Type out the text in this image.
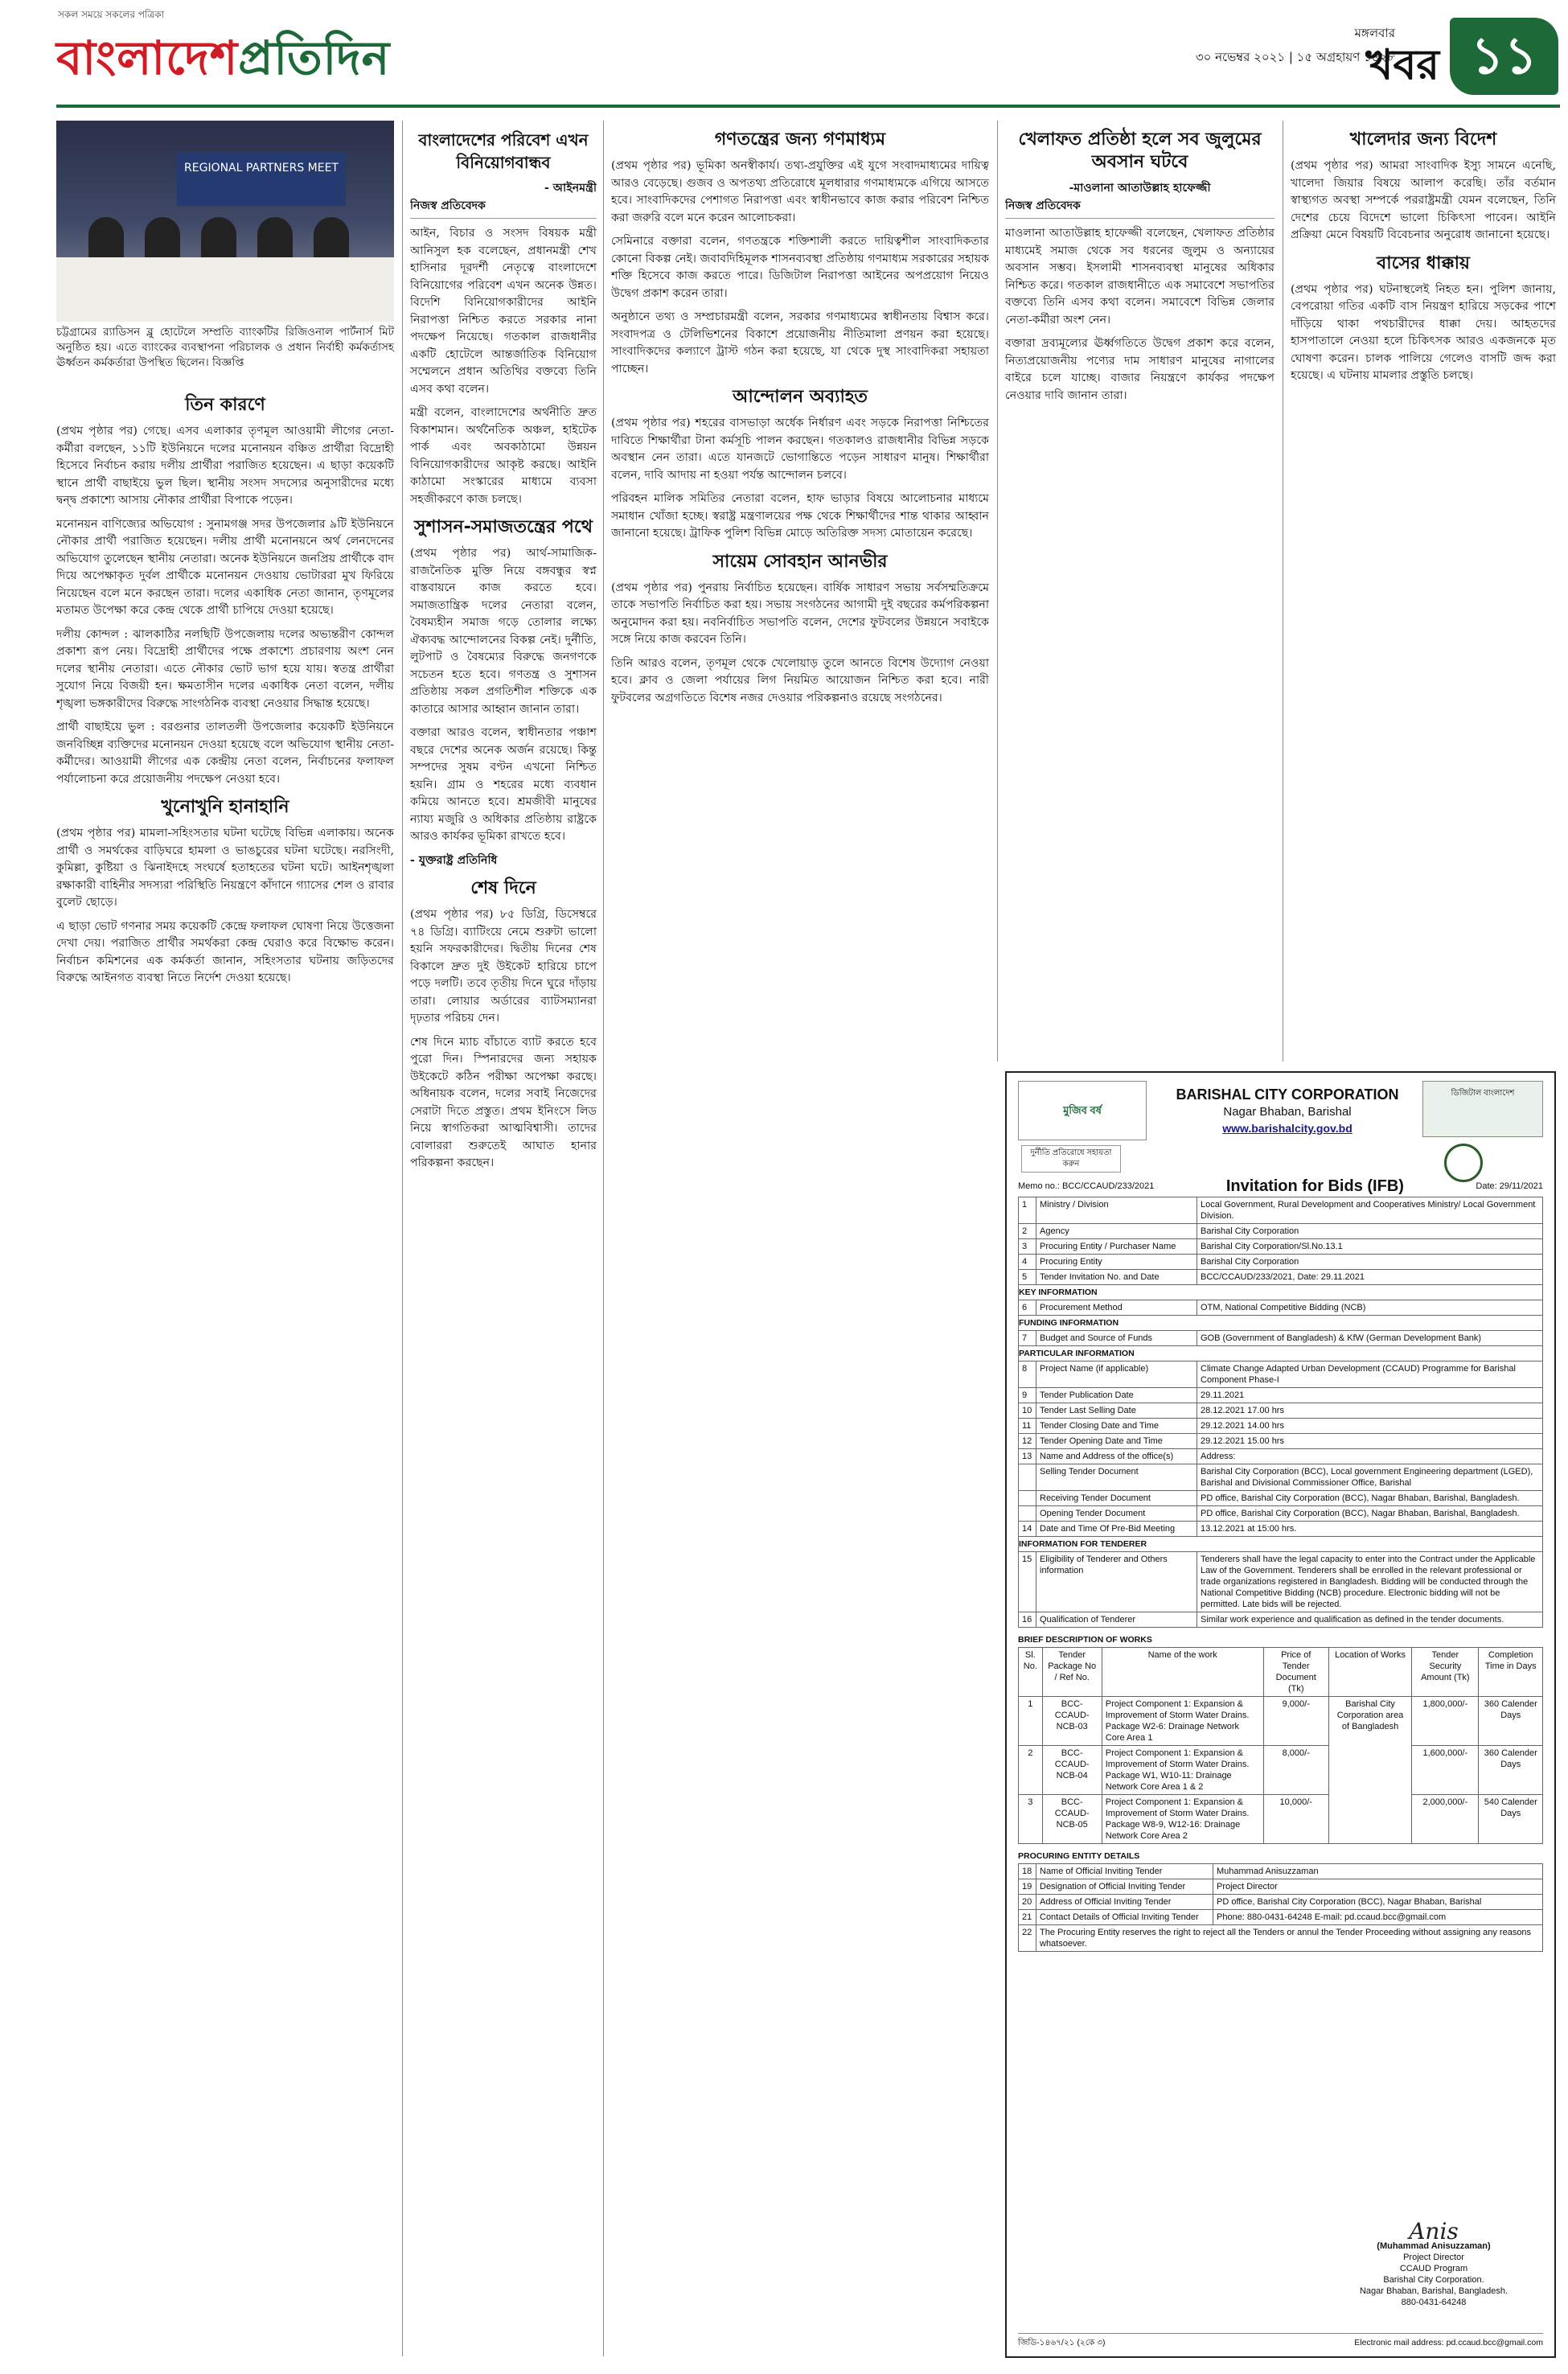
সকল সময়ে সকলের পত্রিকা
বাংলাদেশপ্রতিদিন	মঙ্গলবার
৩০ নভেম্বর ২০২১ | ১৫ অগ্রহায়ণ ১৪২৮
খবর ১১
REGIONAL PARTNERS MEET
চট্টগ্রামের র‍্যাডিসন ব্লু হোটেলে সম্প্রতি ব্যাংকটির রিজিওনাল পার্টনার্স মিট অনুষ্ঠিত হয়। এতে ব্যাংকের ব্যবস্থাপনা পরিচালক ও প্রধান নির্বাহী কর্মকর্তাসহ ঊর্ধ্বতন কর্মকর্তারা উপস্থিত ছিলেন। বিজ্ঞপ্তি
তিন কারণে

(প্রথম পৃষ্ঠার পর) গেছে। এসব এলাকার তৃণমূল আওয়ামী লীগের নেতা-কর্মীরা বলছেন, ১১টি ইউনিয়নে দলের মনোনয়ন বঞ্চিত প্রার্থীরা বিদ্রোহী হিসেবে নির্বাচন করায় দলীয় প্রার্থীরা পরাজিত হয়েছেন। এ ছাড়া কয়েকটি স্থানে প্রার্থী বাছাইয়ে ভুল ছিল। স্থানীয় সংসদ সদস্যের অনুসারীদের মধ্যে দ্বন্দ্ব প্রকাশ্যে আসায় নৌকার প্রার্থীরা বিপাকে পড়েন।

মনোনয়ন বাণিজ্যের অভিযোগ : সুনামগঞ্জ সদর উপজেলার ৯টি ইউনিয়নে নৌকার প্রার্থী পরাজিত হয়েছেন। দলীয় প্রার্থী মনোনয়নে অর্থ লেনদেনের অভিযোগ তুলেছেন স্থানীয় নেতারা। অনেক ইউনিয়নে জনপ্রিয় প্রার্থীকে বাদ দিয়ে অপেক্ষাকৃত দুর্বল প্রার্থীকে মনোনয়ন দেওয়ায় ভোটাররা মুখ ফিরিয়ে নিয়েছেন বলে মনে করছেন তারা। দলের একাধিক নেতা জানান, তৃণমূলের মতামত উপেক্ষা করে কেন্দ্র থেকে প্রার্থী চাপিয়ে দেওয়া হয়েছে।

দলীয় কোন্দল : ঝালকাঠির নলছিটি উপজেলায় দলের অভ্যন্তরীণ কোন্দল প্রকাশ্য রূপ নেয়। বিদ্রোহী প্রার্থীদের পক্ষে প্রকাশ্যে প্রচারণায় অংশ নেন দলের স্থানীয় নেতারা। এতে নৌকার ভোট ভাগ হয়ে যায়। স্বতন্ত্র প্রার্থীরা সুযোগ নিয়ে বিজয়ী হন। ক্ষমতাসীন দলের একাধিক নেতা বলেন, দলীয় শৃঙ্খলা ভঙ্গকারীদের বিরুদ্ধে সাংগঠনিক ব্যবস্থা নেওয়ার সিদ্ধান্ত হয়েছে।

প্রার্থী বাছাইয়ে ভুল : বরগুনার তালতলী উপজেলার কয়েকটি ইউনিয়নে জনবিচ্ছিন্ন ব্যক্তিদের মনোনয়ন দেওয়া হয়েছে বলে অভিযোগ স্থানীয় নেতা-কর্মীদের। আওয়ামী লীগের এক কেন্দ্রীয় নেতা বলেন, নির্বাচনের ফলাফল পর্যালোচনা করে প্রয়োজনীয় পদক্ষেপ নেওয়া হবে।

খুনোখুনি হানাহানি

(প্রথম পৃষ্ঠার পর) মামলা-সহিংসতার ঘটনা ঘটেছে বিভিন্ন এলাকায়। অনেক প্রার্থী ও সমর্থকের বাড়িঘরে হামলা ও ভাঙচুরের ঘটনা ঘটেছে। নরসিংদী, কুমিল্লা, কুষ্টিয়া ও ঝিনাইদহে সংঘর্ষে হতাহতের ঘটনা ঘটে। আইনশৃঙ্খলা রক্ষাকারী বাহিনীর সদস্যরা পরিস্থিতি নিয়ন্ত্রণে কাঁদানে গ্যাসের শেল ও রাবার বুলেট ছোড়ে।

এ ছাড়া ভোট গণনার সময় কয়েকটি কেন্দ্রে ফলাফল ঘোষণা নিয়ে উত্তেজনা দেখা দেয়। পরাজিত প্রার্থীর সমর্থকরা কেন্দ্র ঘেরাও করে বিক্ষোভ করেন। নির্বাচন কমিশনের এক কর্মকর্তা জানান, সহিংসতার ঘটনায় জড়িতদের বিরুদ্ধে আইনগত ব্যবস্থা নিতে নির্দেশ দেওয়া হয়েছে।

বাংলাদেশের পরিবেশ এখন বিনিয়োগবান্ধব
- আইনমন্ত্রী
নিজস্ব প্রতিবেদক

আইন, বিচার ও সংসদ বিষয়ক মন্ত্রী আনিসুল হক বলেছেন, প্রধানমন্ত্রী শেখ হাসিনার দূরদর্শী নেতৃত্বে বাংলাদেশে বিনিয়োগের পরিবেশ এখন অনেক উন্নত। বিদেশি বিনিয়োগকারীদের আইনি নিরাপত্তা নিশ্চিত করতে সরকার নানা পদক্ষেপ নিয়েছে। গতকাল রাজধানীর একটি হোটেলে আন্তর্জাতিক বিনিয়োগ সম্মেলনে প্রধান অতিথির বক্তব্যে তিনি এসব কথা বলেন।

মন্ত্রী বলেন, বাংলাদেশের অর্থনীতি দ্রুত বিকাশমান। অর্থনৈতিক অঞ্চল, হাইটেক পার্ক এবং অবকাঠামো উন্নয়ন বিনিয়োগকারীদের আকৃষ্ট করছে। আইনি কাঠামো সংস্কারের মাধ্যমে ব্যবসা সহজীকরণে কাজ চলছে।

সুশাসন-সমাজতন্ত্রের পথে

(প্রথম পৃষ্ঠার পর) আর্থ-সামাজিক-রাজনৈতিক মুক্তি নিয়ে বঙ্গবন্ধুর স্বপ্ন বাস্তবায়নে কাজ করতে হবে। সমাজতান্ত্রিক দলের নেতারা বলেন, বৈষম্যহীন সমাজ গড়ে তোলার লক্ষ্যে ঐক্যবদ্ধ আন্দোলনের বিকল্প নেই। দুর্নীতি, লুটপাট ও বৈষম্যের বিরুদ্ধে জনগণকে সচেতন হতে হবে। গণতন্ত্র ও সুশাসন প্রতিষ্ঠায় সকল প্রগতিশীল শক্তিকে এক কাতারে আসার আহ্বান জানান তারা।

বক্তারা আরও বলেন, স্বাধীনতার পঞ্চাশ বছরে দেশের অনেক অর্জন রয়েছে। কিন্তু সম্পদের সুষম বণ্টন এখনো নিশ্চিত হয়নি। গ্রাম ও শহরের মধ্যে ব্যবধান কমিয়ে আনতে হবে। শ্রমজীবী মানুষের ন্যায্য মজুরি ও অধিকার প্রতিষ্ঠায় রাষ্ট্রকে আরও কার্যকর ভূমিকা রাখতে হবে।

- যুক্তরাষ্ট্র প্রতিনিধি
শেষ দিনে

(প্রথম পৃষ্ঠার পর) ৮৫ ডিগ্রি, ডিসেম্বরে ৭৪ ডিগ্রি। ব্যাটিংয়ে নেমে শুরুটা ভালো হয়নি সফরকারীদের। দ্বিতীয় দিনের শেষ বিকালে দ্রুত দুই উইকেট হারিয়ে চাপে পড়ে দলটি। তবে তৃতীয় দিনে ঘুরে দাঁড়ায় তারা। লোয়ার অর্ডারের ব্যাটসম্যানরা দৃঢ়তার পরিচয় দেন।

শেষ দিনে ম্যাচ বাঁচাতে ব্যাট করতে হবে পুরো দিন। স্পিনারদের জন্য সহায়ক উইকেটে কঠিন পরীক্ষা অপেক্ষা করছে। অধিনায়ক বলেন, দলের সবাই নিজেদের সেরাটা দিতে প্রস্তুত। প্রথম ইনিংসে লিড নিয়ে স্বাগতিকরা আত্মবিশ্বাসী। তাদের বোলাররা শুরুতেই আঘাত হানার পরিকল্পনা করছেন।

গণতন্ত্রের জন্য গণমাধ্যম

(প্রথম পৃষ্ঠার পর) ভূমিকা অনস্বীকার্য। তথ্য-প্রযুক্তির এই যুগে সংবাদমাধ্যমের দায়িত্ব আরও বেড়েছে। গুজব ও অপতথ্য প্রতিরোধে মূলধারার গণমাধ্যমকে এগিয়ে আসতে হবে। সাংবাদিকদের পেশাগত নিরাপত্তা এবং স্বাধীনভাবে কাজ করার পরিবেশ নিশ্চিত করা জরুরি বলে মনে করেন আলোচকরা।

সেমিনারে বক্তারা বলেন, গণতন্ত্রকে শক্তিশালী করতে দায়িত্বশীল সাংবাদিকতার কোনো বিকল্প নেই। জবাবদিহিমূলক শাসনব্যবস্থা প্রতিষ্ঠায় গণমাধ্যম সরকারের সহায়ক শক্তি হিসেবে কাজ করতে পারে। ডিজিটাল নিরাপত্তা আইনের অপপ্রয়োগ নিয়েও উদ্বেগ প্রকাশ করেন তারা।

অনুষ্ঠানে তথ্য ও সম্প্রচারমন্ত্রী বলেন, সরকার গণমাধ্যমের স্বাধীনতায় বিশ্বাস করে। সংবাদপত্র ও টেলিভিশনের বিকাশে প্রয়োজনীয় নীতিমালা প্রণয়ন করা হয়েছে। সাংবাদিকদের কল্যাণে ট্রাস্ট গঠন করা হয়েছে, যা থেকে দুস্থ সাংবাদিকরা সহায়তা পাচ্ছেন।

আন্দোলন অব্যাহত

(প্রথম পৃষ্ঠার পর) শহরের বাসভাড়া অর্ধেক নির্ধারণ এবং সড়কে নিরাপত্তা নিশ্চিতের দাবিতে শিক্ষার্থীরা টানা কর্মসূচি পালন করছেন। গতকালও রাজধানীর বিভিন্ন সড়কে অবস্থান নেন তারা। এতে যানজটে ভোগান্তিতে পড়েন সাধারণ মানুষ। শিক্ষার্থীরা বলেন, দাবি আদায় না হওয়া পর্যন্ত আন্দোলন চলবে।

পরিবহন মালিক সমিতির নেতারা বলেন, হাফ ভাড়ার বিষয়ে আলোচনার মাধ্যমে সমাধান খোঁজা হচ্ছে। স্বরাষ্ট্র মন্ত্রণালয়ের পক্ষ থেকে শিক্ষার্থীদের শান্ত থাকার আহ্বান জানানো হয়েছে। ট্রাফিক পুলিশ বিভিন্ন মোড়ে অতিরিক্ত সদস্য মোতায়েন করেছে।

সায়েম সোবহান আনভীর

(প্রথম পৃষ্ঠার পর) পুনরায় নির্বাচিত হয়েছেন। বার্ষিক সাধারণ সভায় সর্বসম্মতিক্রমে তাকে সভাপতি নির্বাচিত করা হয়। সভায় সংগঠনের আগামী দুই বছরের কর্মপরিকল্পনা অনুমোদন করা হয়। নবনির্বাচিত সভাপতি বলেন, দেশের ফুটবলের উন্নয়নে সবাইকে সঙ্গে নিয়ে কাজ করবেন তিনি।

তিনি আরও বলেন, তৃণমূল থেকে খেলোয়াড় তুলে আনতে বিশেষ উদ্যোগ নেওয়া হবে। ক্লাব ও জেলা পর্যায়ের লিগ নিয়মিত আয়োজন নিশ্চিত করা হবে। নারী ফুটবলের অগ্রগতিতে বিশেষ নজর দেওয়ার পরিকল্পনাও রয়েছে সংগঠনের।

খেলাফত প্রতিষ্ঠা হলে সব জুলুমের অবসান ঘটবে
-মাওলানা আতাউল্লাহ হাফেজ্জী
নিজস্ব প্রতিবেদক

মাওলানা আতাউল্লাহ হাফেজ্জী বলেছেন, খেলাফত প্রতিষ্ঠার মাধ্যমেই সমাজ থেকে সব ধরনের জুলুম ও অন্যায়ের অবসান সম্ভব। ইসলামী শাসনব্যবস্থা মানুষের অধিকার নিশ্চিত করে। গতকাল রাজধানীতে এক সমাবেশে সভাপতির বক্তব্যে তিনি এসব কথা বলেন। সমাবেশে বিভিন্ন জেলার নেতা-কর্মীরা অংশ নেন।

বক্তারা দ্রব্যমূল্যের ঊর্ধ্বগতিতে উদ্বেগ প্রকাশ করে বলেন, নিত্যপ্রয়োজনীয় পণ্যের দাম সাধারণ মানুষের নাগালের বাইরে চলে যাচ্ছে। বাজার নিয়ন্ত্রণে কার্যকর পদক্ষেপ নেওয়ার দাবি জানান তারা।

খালেদার জন্য বিদেশ

(প্রথম পৃষ্ঠার পর) আমরা সাংবাদিক ইস্যু সামনে এনেছি, খালেদা জিয়ার বিষয়ে আলাপ করেছি। তাঁর বর্তমান স্বাস্থ্যগত অবস্থা সম্পর্কে পররাষ্ট্রমন্ত্রী যেমন বলেছেন, তিনি দেশের চেয়ে বিদেশে ভালো চিকিৎসা পাবেন। আইনি প্রক্রিয়া মেনে বিষয়টি বিবেচনার অনুরোধ জানানো হয়েছে।

বাসের ধাক্কায়

(প্রথম পৃষ্ঠার পর) ঘটনাস্থলেই নিহত হন। পুলিশ জানায়, বেপরোয়া গতির একটি বাস নিয়ন্ত্রণ হারিয়ে সড়কের পাশে দাঁড়িয়ে থাকা পথচারীদের ধাক্কা দেয়। আহতদের হাসপাতালে নেওয়া হলে চিকিৎসক আরও একজনকে মৃত ঘোষণা করেন। চালক পালিয়ে গেলেও বাসটি জব্দ করা হয়েছে। এ ঘটনায় মামলার প্রস্তুতি চলছে।

মুজিব বর্ষ
BARISHAL CITY CORPORATION
Nagar Bhaban, Barishal
www.barishalcity.gov.bd
ডিজিটাল বাংলাদেশ
দুর্নীতি প্রতিরোধে সহায়তা করুন
Memo no.: BCC/CCAUD/233/2021	Invitation for Bids (IFB)	Date: 29/11/2021
1	Ministry / Division	Local Government, Rural Development and Cooperatives Ministry/ Local Government Division.
2	Agency	Barishal City Corporation
3	Procuring Entity / Purchaser Name	Barishal City Corporation/Sl.No.13.1
4	Procuring Entity	Barishal City Corporation
5	Tender Invitation No. and Date	BCC/CCAUD/233/2021, Date: 29.11.2021
KEY INFORMATION		
6	Procurement Method	OTM, National Competitive Bidding (NCB)
FUNDING INFORMATION		
7	Budget and Source of Funds	GOB (Government of Bangladesh) & KfW (German Development Bank)
PARTICULAR INFORMATION		
8	Project Name (if applicable)	Climate Change Adapted Urban Development (CCAUD) Programme for Barishal Component Phase-I
9	Tender Publication Date	29.11.2021
10	Tender Last Selling Date	28.12.2021 17.00 hrs
11	Tender Closing Date and Time	29.12.2021 14.00 hrs
12	Tender Opening Date and Time	29.12.2021 15.00 hrs
13	Name and Address of the office(s)	Address:
	Selling Tender Document	Barishal City Corporation (BCC), Local government Engineering department (LGED), Barishal and Divisional Commissioner Office, Barishal
	Receiving Tender Document	PD office, Barishal City Corporation (BCC), Nagar Bhaban, Barishal, Bangladesh.
	Opening Tender Document	PD office, Barishal City Corporation (BCC), Nagar Bhaban, Barishal, Bangladesh.
14	Date and Time Of Pre-Bid Meeting	13.12.2021 at 15:00 hrs.
INFORMATION FOR TENDERER		
15	Eligibility of Tenderer and Others information	Tenderers shall have the legal capacity to enter into the Contract under the Applicable Law of the Government. Tenderers shall be enrolled in the relevant professional or trade organizations registered in Bangladesh. Bidding will be conducted through the National Competitive Bidding (NCB) procedure. Electronic bidding will not be permitted. Late bids will be rejected.
16	Qualification of Tenderer	Similar work experience and qualification as defined in the tender documents.
BRIEF DESCRIPTION OF WORKS
Sl. No.	Tender Package No / Ref No.	Name of the work	Price of Tender Document (Tk)	Location of Works	Tender Security Amount (Tk)	Completion Time in Days
1	BCC-CCAUD-NCB-03	Project Component 1: Expansion & Improvement of Storm Water Drains. Package W2-6: Drainage Network Core Area 1	9,000/-	Barishal City Corporation area of Bangladesh	1,800,000/-	360 Calender Days
2	BCC-CCAUD-NCB-04	Project Component 1: Expansion & Improvement of Storm Water Drains. Package W1, W10-11: Drainage Network Core Area 1 & 2	8,000/-		1,600,000/-	360 Calender Days
3	BCC-CCAUD-NCB-05	Project Component 1: Expansion & Improvement of Storm Water Drains. Package W8-9, W12-16: Drainage Network Core Area 2	10,000/-		2,000,000/-	540 Calender Days
PROCURING ENTITY DETAILS
18	Name of Official Inviting Tender	Muhammad Anisuzzaman
19	Designation of Official Inviting Tender	Project Director
20	Address of Official Inviting Tender	PD office, Barishal City Corporation (BCC), Nagar Bhaban, Barishal
21	Contact Details of Official Inviting Tender	Phone: 880-0431-64248 E-mail: pd.ccaud.bcc@gmail.com
22	The Procuring Entity reserves the right to reject all the Tenders or annul the Tender Proceeding without assigning any reasons whatsoever.	
Anis
(Muhammad Anisuzzaman)
Project Director
CCAUD Program
Barishal City Corporation.
Nagar Bhaban, Barishal, Bangladesh.
880-0431-64248
জিডি-১৪৬৭/২১ (২কে ৩)	Electronic mail address: pd.ccaud.bcc@gmail.com
